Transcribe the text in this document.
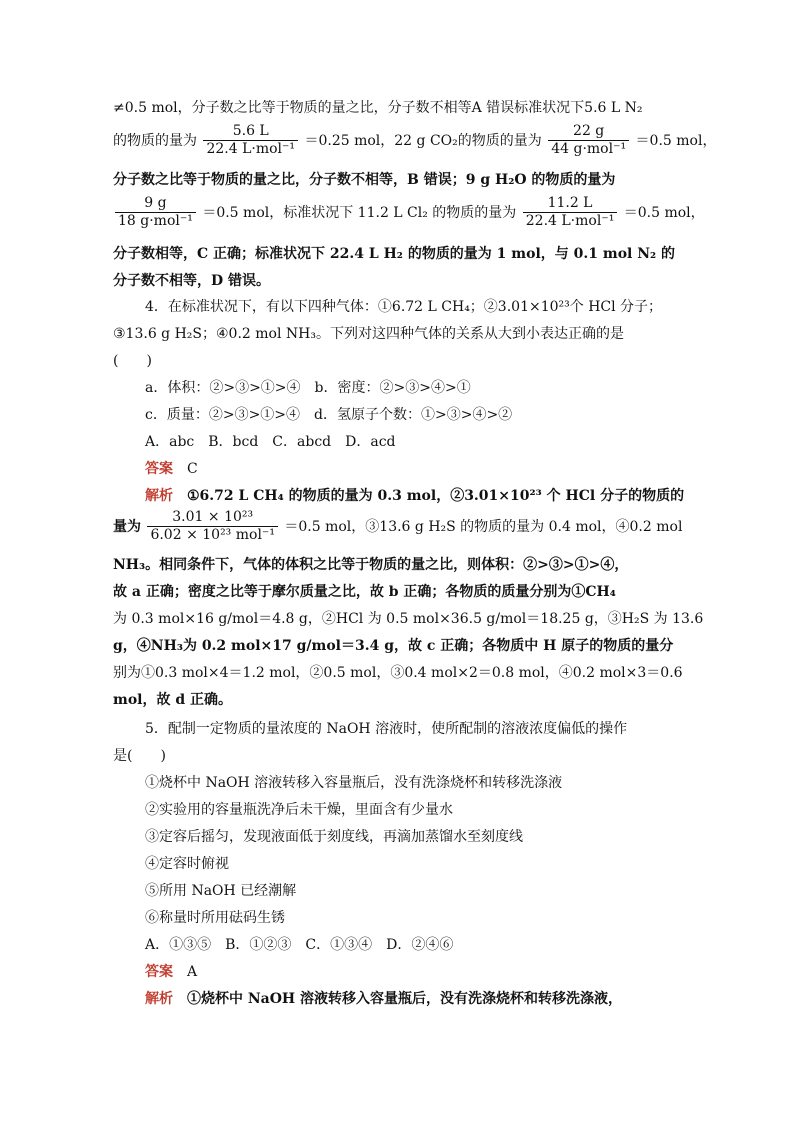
≠0.5 mol，分子数之比等于物质的量之比，分子数不相等A 错误标准状况下5.6 L N₂
的物质的量为 $\frac{5.6 L}{\text{22.4 L·mol⁻¹}} =0.25$ mol，22 g CO₂的物质的量为 $\frac{22 g}{\text{44 g·mol⁻¹}} =0.5$ mol，
分子数之比等于物质的量之比，分子数不相等，B 错误；9 g H₂O 的物质的量为
$\frac{9 g}{\text{18 g·mol⁻¹}} =0.5$ mol，标准状况下 11.2 L Cl₂ 的物质的量为 $\frac{11.2 L}{\text{22.4 L·mol⁻¹}} =0.5$ mol，
分子数相等，C 正确；标准状况下 22.4 L H₂ 的物质的量为 1 mol，与 0.1 mol N₂ 的
分子数不相等，D 错误。
4．在标准状况下，有以下四种气体：①6.72 L CH₄；②3.01×10²³个 HCl 分子；
③13.6 g H₂S；④0.2 mol NH₃。下列对这四种气体的关系从大到小表达正确的是
(　　)
a．体积：②>③>①>④　b．密度：②>③>④>①
c．质量：②>③>①>④　d．氢原子个数：①>③>④>②
A．abc　B．bcd　C．abcd　D．acd
答案　 C
解析　 ①6.72 L CH₄ 的物质的量为 0.3 mol，②3.01×10²³ 个 HCl 分子的物质的
量为 $\frac{\text{3.01 × 10²³}}{\text{6.02 × 10²³ mol⁻¹}} =0.5$ mol，③13.6 g H₂S 的物质的量为 0.4 mol，④0.2 mol
NH₃。相同条件下，气体的体积之比等于物质的量之比，则体积：②>③>①>④，
故 a 正确；密度之比等于摩尔质量之比，故 b 正确；各物质的质量分别为①CH₄
为 0.3 mol×16 g/mol＝4.8 g，②HCl 为 0.5 mol×36.5 g/mol＝18.25 g，③H₂S 为 13.6
g，④NH₃为 0.2 mol×17 g/mol＝3.4 g，故 c 正确；各物质中 H 原子的物质的量分
别为①0.3 mol×4＝1.2 mol，②0.5 mol，③0.4 mol×2＝0.8 mol，④0.2 mol×3＝0.6
mol，故 d 正确。
5．配制一定物质的量浓度的 NaOH 溶液时，使所配制的溶液浓度偏低的操作
是(　　)
①烧杯中 NaOH 溶液转移入容量瓶后，没有洗涤烧杯和转移洗涤液
②实验用的容量瓶洗净后未干燥，里面含有少量水
③定容后摇匀，发现液面低于刻度线，再滴加蒸馏水至刻度线
④定容时俯视
⑤所用 NaOH 已经潮解
⑥称量时所用砝码生锈
A．①③⑤　B．①②③　C．①③④　D．②④⑥
答案　 A
解析　 ①烧杯中 NaOH 溶液转移入容量瓶后，没有洗涤烧杯和转移洗涤液，
